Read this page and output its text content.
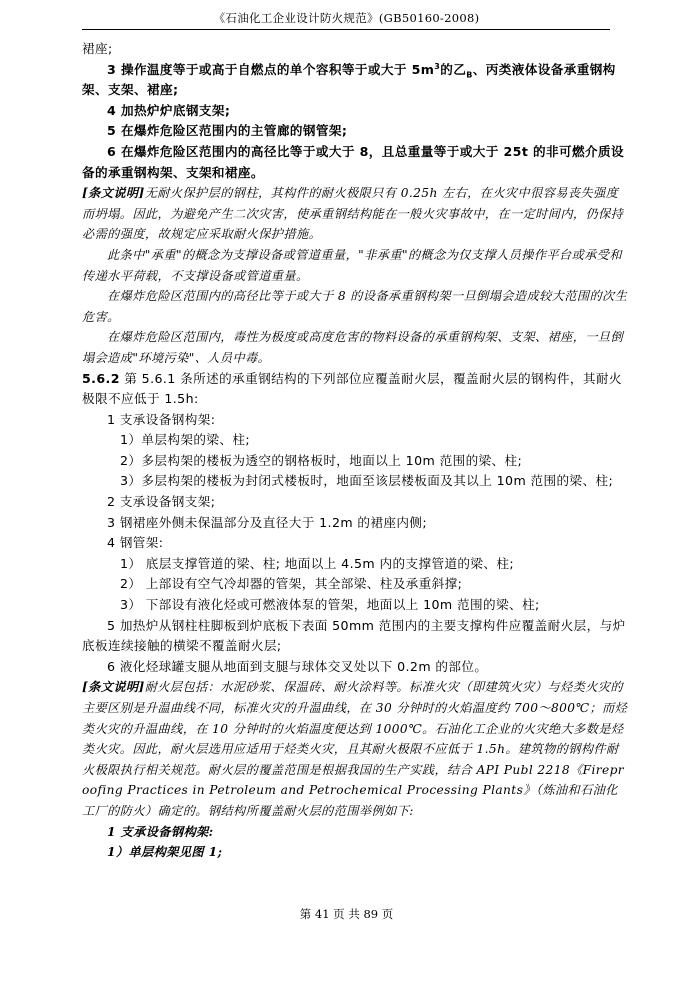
《石油化工企业设计防火规范》(GB50160-2008)

裙座;

3 操作温度等于或高于自燃点的单个容积等于或大于 $5m^3$的乙$_B$、丙类液体设备承重钢构架、支架、裙座;

4 加热炉炉底钢支架;

5 在爆炸危险区范围内的主管廊的钢管架;

6 在爆炸危险区范围内的高径比等于或大于 8，且总重量等于或大于 25t 的非可燃介质设备的承重钢构架、支架和裙座。

[条文说明]无耐火保护层的钢柱，其构件的耐火极限只有 0.25h 左右，在火灾中很容易丧失强度而坍塌。因此，为避免产生二次灾害，使承重钢结构能在一般火灾事故中，在一定时间内，仍保持必需的强度，故规定应采取耐火保护措施。

此条中"承重"的概念为支撑设备或管道重量，"非承重"的概念为仅支撑人员操作平台或承受和传递水平荷载，不支撑设备或管道重量。

在爆炸危险区范围内的高径比等于或大于 8 的设备承重钢构架一旦倒塌会造成较大范围的次生危害。

在爆炸危险区范围内，毒性为极度或高度危害的物料设备的承重钢构架、支架、裙座，一旦倒塌会造成"环境污染"、人员中毒。

5.6.2 第 5.6.1 条所述的承重钢结构的下列部位应覆盖耐火层，覆盖耐火层的钢构件，其耐火极限不应低于 1.5h:

1 支承设备钢构架:

1）单层构架的梁、柱;

2）多层构架的楼板为透空的钢格板时，地面以上 10m 范围的梁、柱;

3）多层构架的楼板为封闭式楼板时，地面至该层楼板面及其以上 10m 范围的梁、柱;

2 支承设备钢支架;

3 钢裙座外侧未保温部分及直径大于 1.2m 的裙座内侧;

4 钢管架:

1） 底层支撑管道的梁、柱; 地面以上 4.5m 内的支撑管道的梁、柱;

2） 上部设有空气冷却器的管架，其全部梁、柱及承重斜撑;

3） 下部设有液化烃或可燃液体泵的管架，地面以上 10m 范围的梁、柱;

5 加热炉从钢柱柱脚板到炉底板下表面 50mm 范围内的主要支撑构件应覆盖耐火层，与炉底板连续接触的横梁不覆盖耐火层;

6 液化烃球罐支腿从地面到支腿与球体交叉处以下 0.2m 的部位。

[条文说明]耐火层包括：水泥砂浆、保温砖、耐火涂料等。标准火灾（即建筑火灾）与烃类火灾的主要区别是升温曲线不同，标准火灾的升温曲线，在 30 分钟时的火焰温度约 700～800℃；而烃类火灾的升温曲线，在 10 分钟时的火焰温度便达到 1000℃。石油化工企业的火灾绝大多数是烃类火灾。因此，耐火层选用应适用于烃类火灾，且其耐火极限不应低于 1.5h。建筑物的钢构件耐火极限执行相关规范。耐火层的覆盖范围是根据我国的生产实践，结合 API Publ 2218《Fireproofing Practices in Petroleum and Petrochemical Processing Plants》（炼油和石油化工厂的防火）确定的。钢结构所覆盖耐火层的范围举例如下:

1 支承设备钢构架:

1）单层构架见图 1;

第 41 页 共 89 页
